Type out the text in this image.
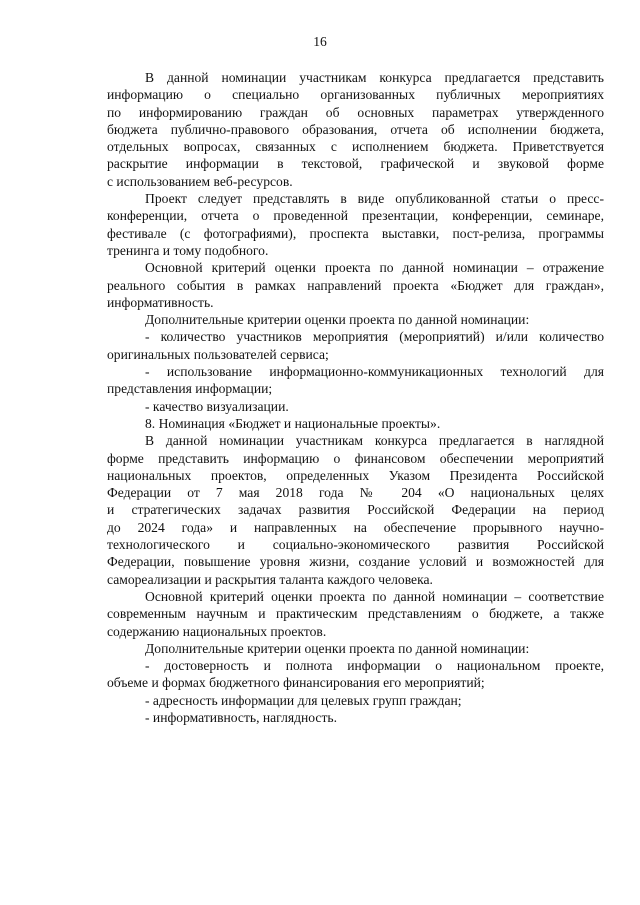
16
В данной номинации участникам конкурса предлагается представить
информацию о специально организованных публичных мероприятиях
по информированию граждан об основных параметрах утвержденного
бюджета публично-правового образования, отчета об исполнении бюджета,
отдельных вопросах, связанных с исполнением бюджета. Приветствуется
раскрытие информации в текстовой, графической и звуковой форме
с использованием веб-ресурсов.
Проект следует представлять в виде опубликованной статьи о пресс-
конференции, отчета о проведенной презентации, конференции, семинаре,
фестивале (с фотографиями), проспекта выставки, пост-релиза, программы
тренинга и тому подобного.
Основной критерий оценки проекта по данной номинации – отражение
реального события в рамках направлений проекта «Бюджет для граждан»,
информативность.
Дополнительные критерии оценки проекта по данной номинации:
- количество участников мероприятия (мероприятий) и/или количество
оригинальных пользователей сервиса;
- использование информационно-коммуникационных технологий для
представления информации;
- качество визуализации.
8. Номинация «Бюджет и национальные проекты».
В данной номинации участникам конкурса предлагается в наглядной
форме представить информацию о финансовом обеспечении мероприятий
национальных проектов, определенных Указом Президента Российской
Федерации от 7 мая 2018 года № 204 «О национальных целях
и стратегических задачах развития Российской Федерации на период
до 2024 года» и направленных на обеспечение прорывного научно-
технологического и социально-экономического развития Российской
Федерации, повышение уровня жизни, создание условий и возможностей для
самореализации и раскрытия таланта каждого человека.
Основной критерий оценки проекта по данной номинации – соответствие
современным научным и практическим представлениям о бюджете, а также
содержанию национальных проектов.
Дополнительные критерии оценки проекта по данной номинации:
- достоверность и полнота информации о национальном проекте,
объеме и формах бюджетного финансирования его мероприятий;
- адресность информации для целевых групп граждан;
- информативность, наглядность.
